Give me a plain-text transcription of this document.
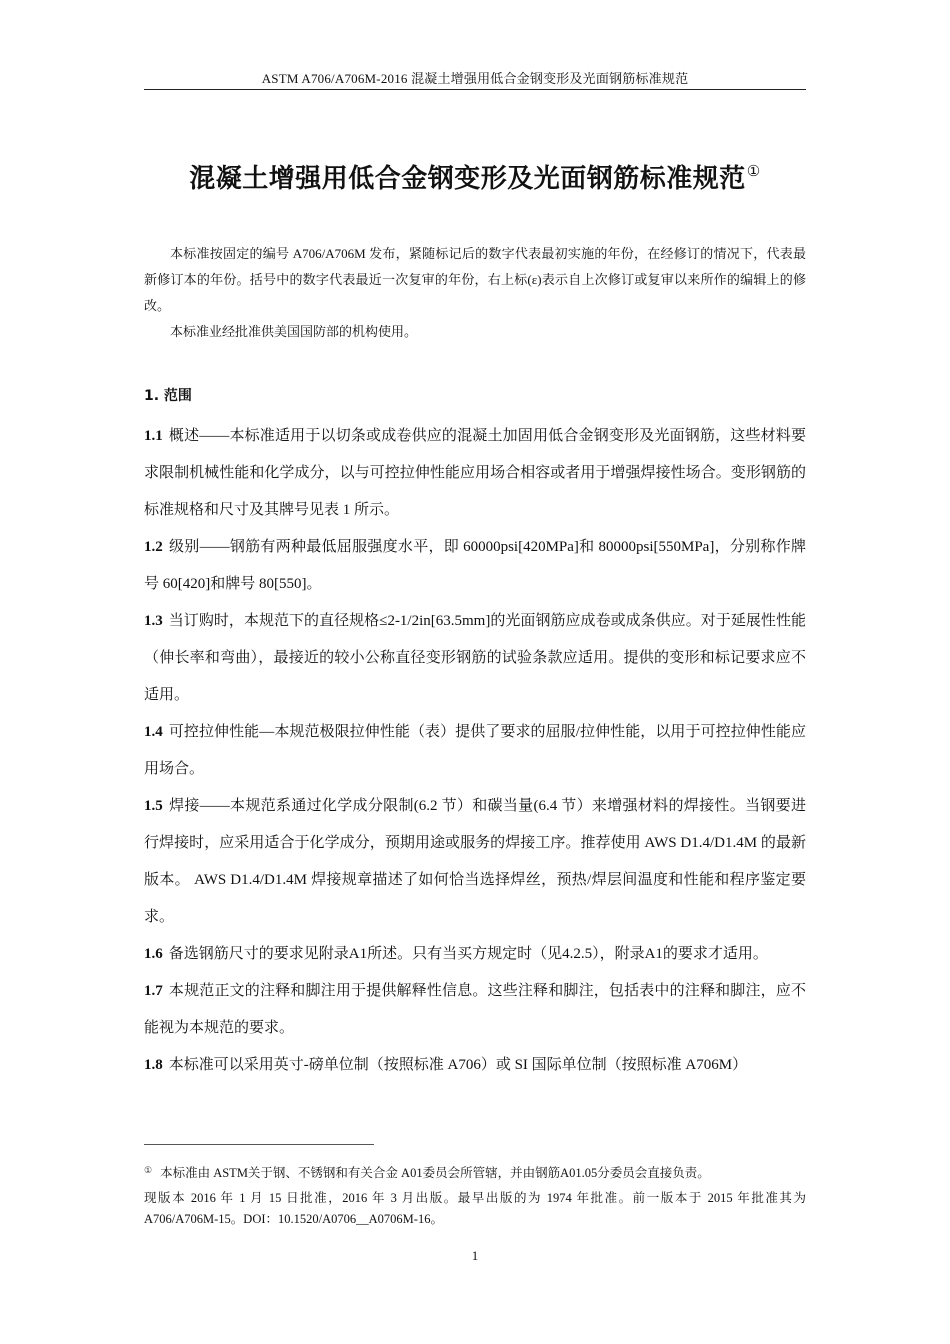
ASTM A706/A706M-2016 混凝土增强用低合金钢变形及光面钢筋标准规范
混凝土增强用低合金钢变形及光面钢筋标准规范①

本标准按固定的编号 A706/A706M 发布，紧随标记后的数字代表最初实施的年份，在经修订的情况下，代表最新修订本的年份。括号中的数字代表最近一次复审的年份，右上标(ε)表示自上次修订或复审以来所作的编辑上的修改。

本标准业经批准供美国国防部的机构使用。

1. 范围

1.1 概述——本标准适用于以切条或成卷供应的混凝土加固用低合金钢变形及光面钢筋，这些材料要求限制机械性能和化学成分，以与可控拉伸性能应用场合相容或者用于增强焊接性场合。变形钢筋的标准规格和尺寸及其牌号见表 1 所示。

1.2 级别——钢筋有两种最低屈服强度水平，即 60000psi[420MPa]和 80000psi[550MPa]，分别称作牌号 60[420]和牌号 80[550]。

1.3 当订购时，本规范下的直径规格≤2-1/2in[63.5mm]的光面钢筋应成卷或成条供应。对于延展性性能（伸长率和弯曲），最接近的较小公称直径变形钢筋的试验条款应适用。提供的变形和标记要求应不适用。

1.4 可控拉伸性能—本规范极限拉伸性能（表）提供了要求的屈服/拉伸性能，以用于可控拉伸性能应用场合。

1.5 焊接——本规范系通过化学成分限制(6.2 节）和碳当量(6.4 节）来增强材料的焊接性。当钢要进行焊接时，应采用适合于化学成分，预期用途或服务的焊接工序。推荐使用 AWS D1.4/D1.4M 的最新版本。 AWS D1.4/D1.4M 焊接规章描述了如何恰当选择焊丝，预热/焊层间温度和性能和程序鉴定要求。

1.6 备选钢筋尺寸的要求见附录A1所述。只有当买方规定时（见4.2.5），附录A1的要求才适用。

1.7 本规范正文的注释和脚注用于提供解释性信息。这些注释和脚注，包括表中的注释和脚注，应不能视为本规范的要求。

1.8 本标准可以采用英寸-磅单位制（按照标准 A706）或 SI 国际单位制（按照标准 A706M）

① 本标准由 ASTM关于钢、不锈钢和有关合金 A01委员会所管辖，并由钢筋A01.05分委员会直接负责。

现版本 2016 年 1 月 15 日批准，2016 年 3 月出版。最早出版的为 1974 年批准。前一版本于 2015 年批准其为 A706/A706M-15。DOI：10.1520/A0706__A0706M-16。

1
